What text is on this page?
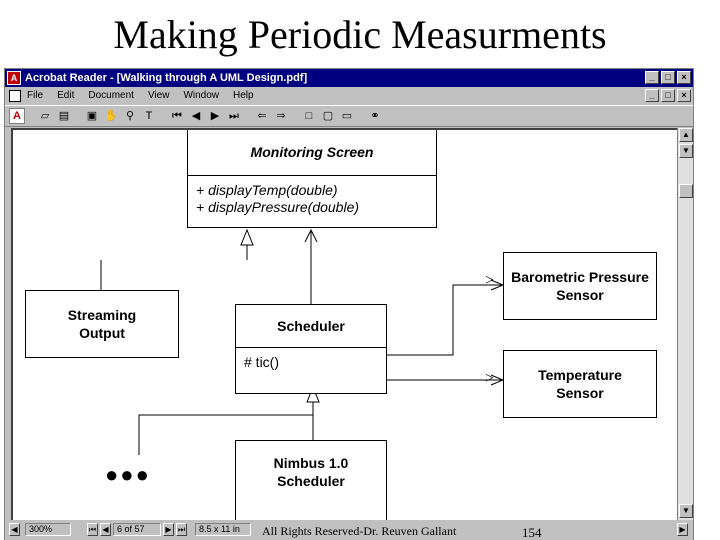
Making Periodic Measurments
A Acrobat Reader - [Walking through A UML Design.pdf]	_	□	×
File Edit Document View Window Help	_	□	×
A	▱ ▤ ▣ ✋ ⚲	T	⏮ ◀ ▶ ⏭	⇐ ⇒	□ ▢ ▭	⚭
Monitoring Screen
+ displayTemp(double)
+ displayPressure(double)
Streaming Output	Scheduler
# tic()
Barometric Pressure Sensor
Temperature Sensor
Nimbus 1.0 Scheduler
●●●
>
>
▲
▼
▼
◀	300%	⏮ ◀ 6 of 57	▶ ⏭	8.5 x 11 in	▶
All Rights Reserved-Dr. Reuven Gallant	154
